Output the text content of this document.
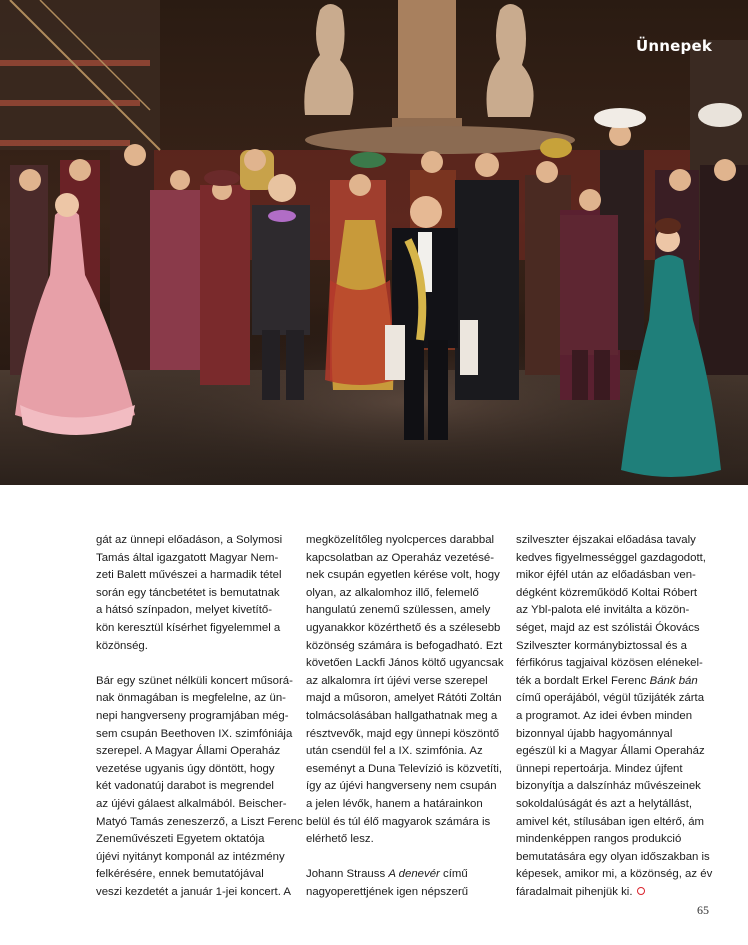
Ünnepek

gát az ünnepi előadáson, a Solymosi
Tamás által igazgatott Magyar Nem-
zeti Balett művészei a harmadik tétel
során egy táncbetétet is bemutatnak
a hátsó színpadon, melyet kivetítő-
kön keresztül kísérhet figyelemmel a
közönség.

Bár egy szünet nélküli koncert műsorá-
nak önmagában is megfelelne, az ün-
nepi hangverseny programjában még-
sem csupán Beethoven IX. szimfóniája
szerepel. A Magyar Állami Operaház
vezetése ugyanis úgy döntött, hogy
két vadonatúj darabot is megrendel
az újévi gálaest alkalmából. Beischer-
Matyó Tamás zeneszerző, a Liszt Ferenc
Zeneművészeti Egyetem oktatója
újévi nyitányt komponál az intézmény
felkérésére, ennek bemutatójával
veszi kezdetét a január 1-jei koncert. A

megközelítőleg nyolcperces darabbal
kapcsolatban az Operaház vezetésé-
nek csupán egyetlen kérése volt, hogy
olyan, az alkalomhoz illő, felemelő
hangulatú zenemű szülessen, amely
ugyanakkor közérthető és a szélesebb
közönség számára is befogadható. Ezt
követően Lackfi János költő ugyancsak
az alkalomra írt újévi verse szerepel
majd a műsoron, amelyet Rátóti Zoltán
tolmácsolásában hallgathatnak meg a
résztvevők, majd egy ünnepi köszöntő
után csendül fel a IX. szimfónia. Az
eseményt a Duna Televízió is közvetíti,
így az újévi hangverseny nem csupán
a jelen lévők, hanem a határainkon
belül és túl élő magyarok számára is
elérhető lesz.

Johann Strauss A denevér című
nagyoperettjének igen népszerű

szilveszter éjszakai előadása tavaly
kedves figyelmességgel gazdagodott,
mikor éjfél után az előadásban ven-
dégként közreműködő Koltai Róbert
az Ybl-palota elé invitálta a közön-
séget, majd az est szólistái Ókovács
Szilveszter kormánybiztossal és a
férfikórus tagjaival közösen elénekel-
ték a bordalt Erkel Ferenc Bánk bán
című operájából, végül tűzijáték zárta
a programot. Az idei évben minden
bizonnyal újabb hagyománnyal
egészül ki a Magyar Állami Operaház
ünnepi repertoárja. Mindez újfent
bizonyítja a dalszínház művészeinek
sokoldalúságát és azt a helytállást,
amivel két, stílusában igen eltérő, ám
mindenképpen rangos produkció
bemutatására egy olyan időszakban is
képesek, amikor mi, a közönség, az év
fáradalmait pihenjük ki.

65
